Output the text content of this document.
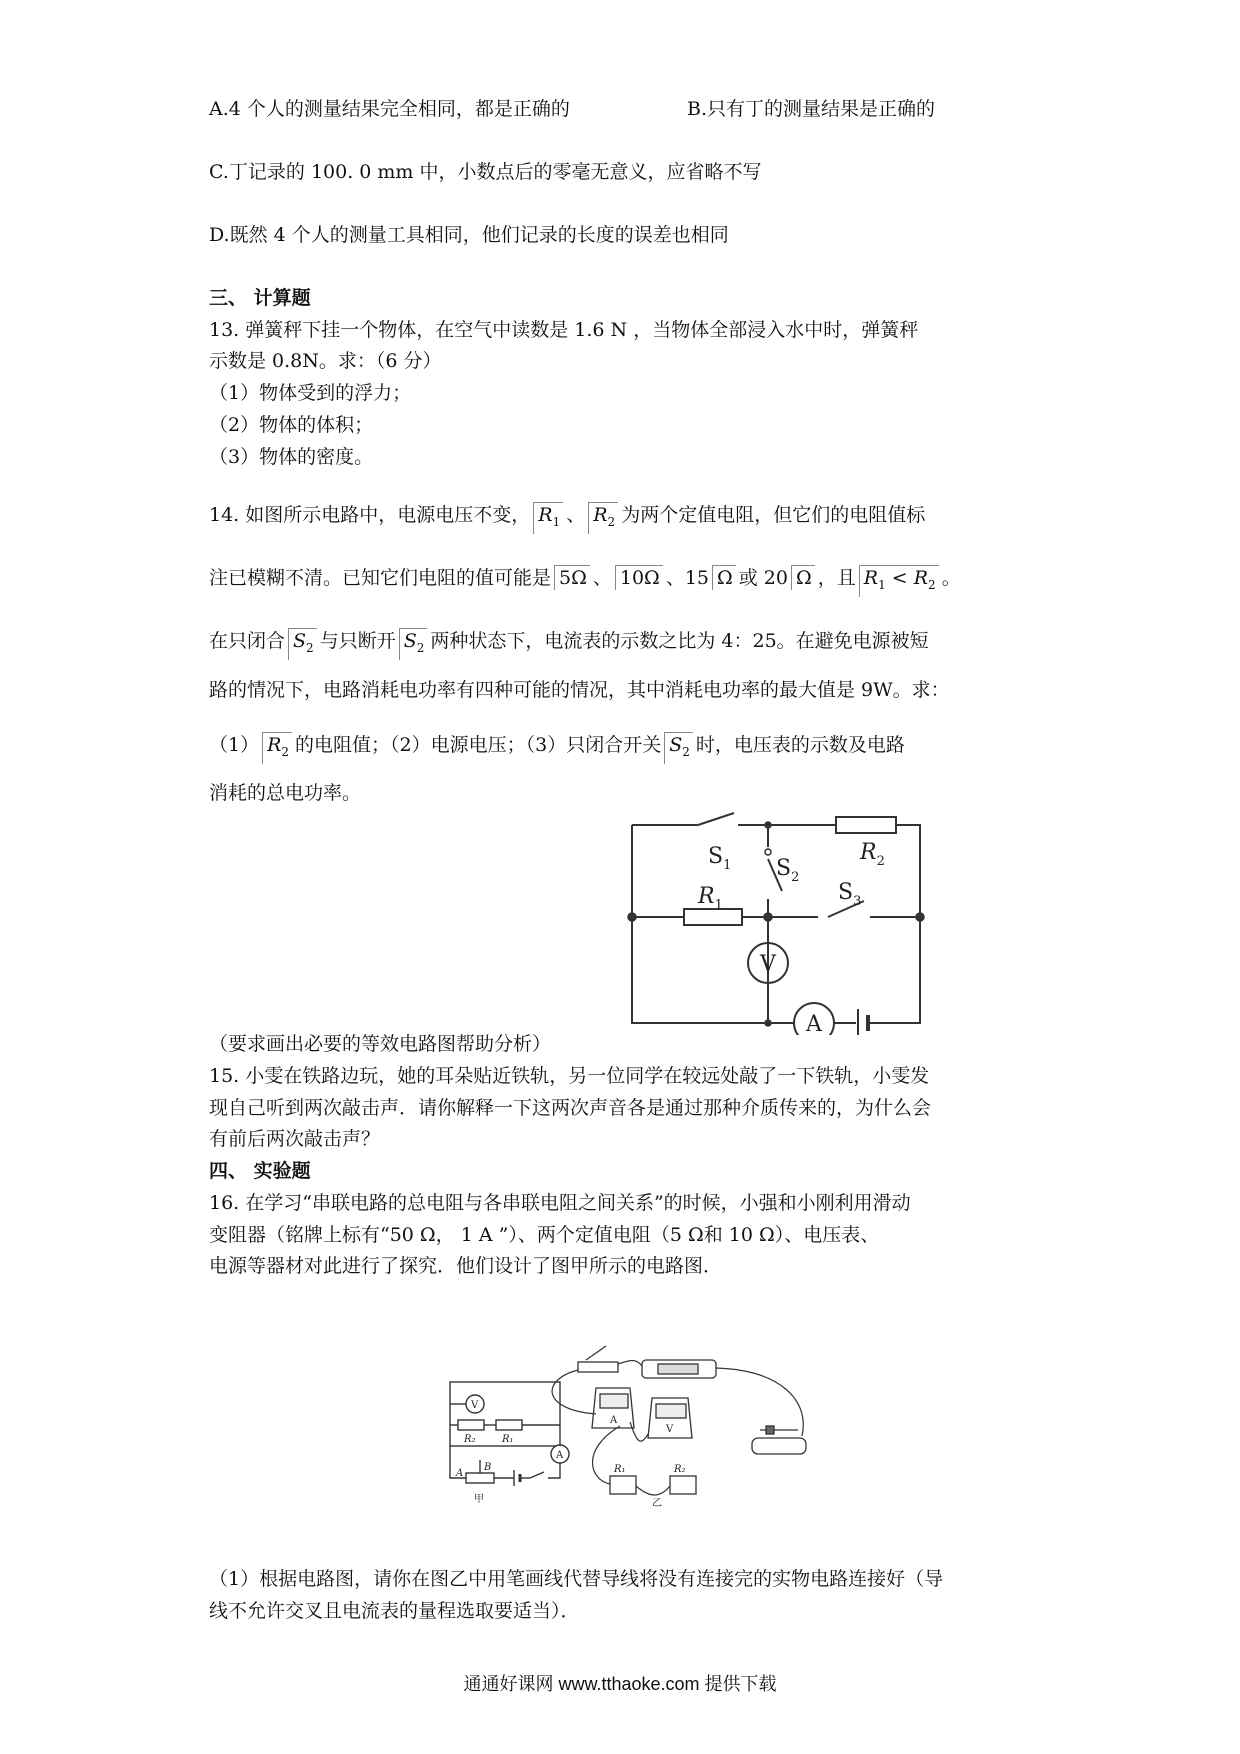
A.4 个人的测量结果完全相同，都是正确的	B.只有丁的测量结果是正确的
C.丁记录的 100. 0 mm 中，小数点后的零毫无意义，应省略不写
D.既然 4 个人的测量工具相同，他们记录的长度的误差也相同
三、 计算题
13. 弹簧秤下挂一个物体，在空气中读数是 1.6 N ，当物体全部浸入水中时，弹簧秤
示数是 0.8N。求：（6 分）
（1）物体受到的浮力；
（2）物体的体积；
（3）物体的密度。
14. 如图所示电路中，电源电压不变， $R_1$ 、 $R_2$ 为两个定值电阻，但它们的电阻值标
注已模糊不清。已知它们电阻的值可能是 5Ω 、 10Ω 、15 Ω 或 20 Ω ，且 $R_1 < R_2$ 。
在只闭合 $S_2$ 与只断开 $S_2$ 两种状态下，电流表的示数之比为 4：25。在避免电源被短
路的情况下，电路消耗电功率有四种可能的情况，其中消耗电功率的最大值是 9W。求：
（1） $R_2$ 的电阻值；（2）电源电压；（3）只闭合开关 $S_2$ 时，电压表的示数及电路
消耗的总电功率。
$S_1$ $S_2$
$S_3$
$R_2$
$R_1$
V
A
（要求画出必要的等效电路图帮助分析）
15. 小雯在铁路边玩，她的耳朵贴近铁轨，另一位同学在较远处敲了一下铁轨，小雯发
现自己听到两次敲击声．请你解释一下这两次声音各是通过那种介质传来的，为什么会
有前后两次敲击声？
四、 实验题
16. 在学习“串联电路的总电阻与各串联电阻之间关系”的时候，小强和小刚利用滑动
变阻器（铭牌上标有“50 Ω， 1 A ”）、两个定值电阻（5 Ω和 10 Ω）、电压表、
电源等器材对此进行了探究．他们设计了图甲所示的电路图．
V
A
R₂	R₁
A
B
甲
A
V
R₁	R₂
乙
（1）根据电路图，请你在图乙中用笔画线代替导线将没有连接完的实物电路连接好（导
线不允许交叉且电流表的量程选取要适当）．
通通好课网 www.tthaoke.com 提供下载
